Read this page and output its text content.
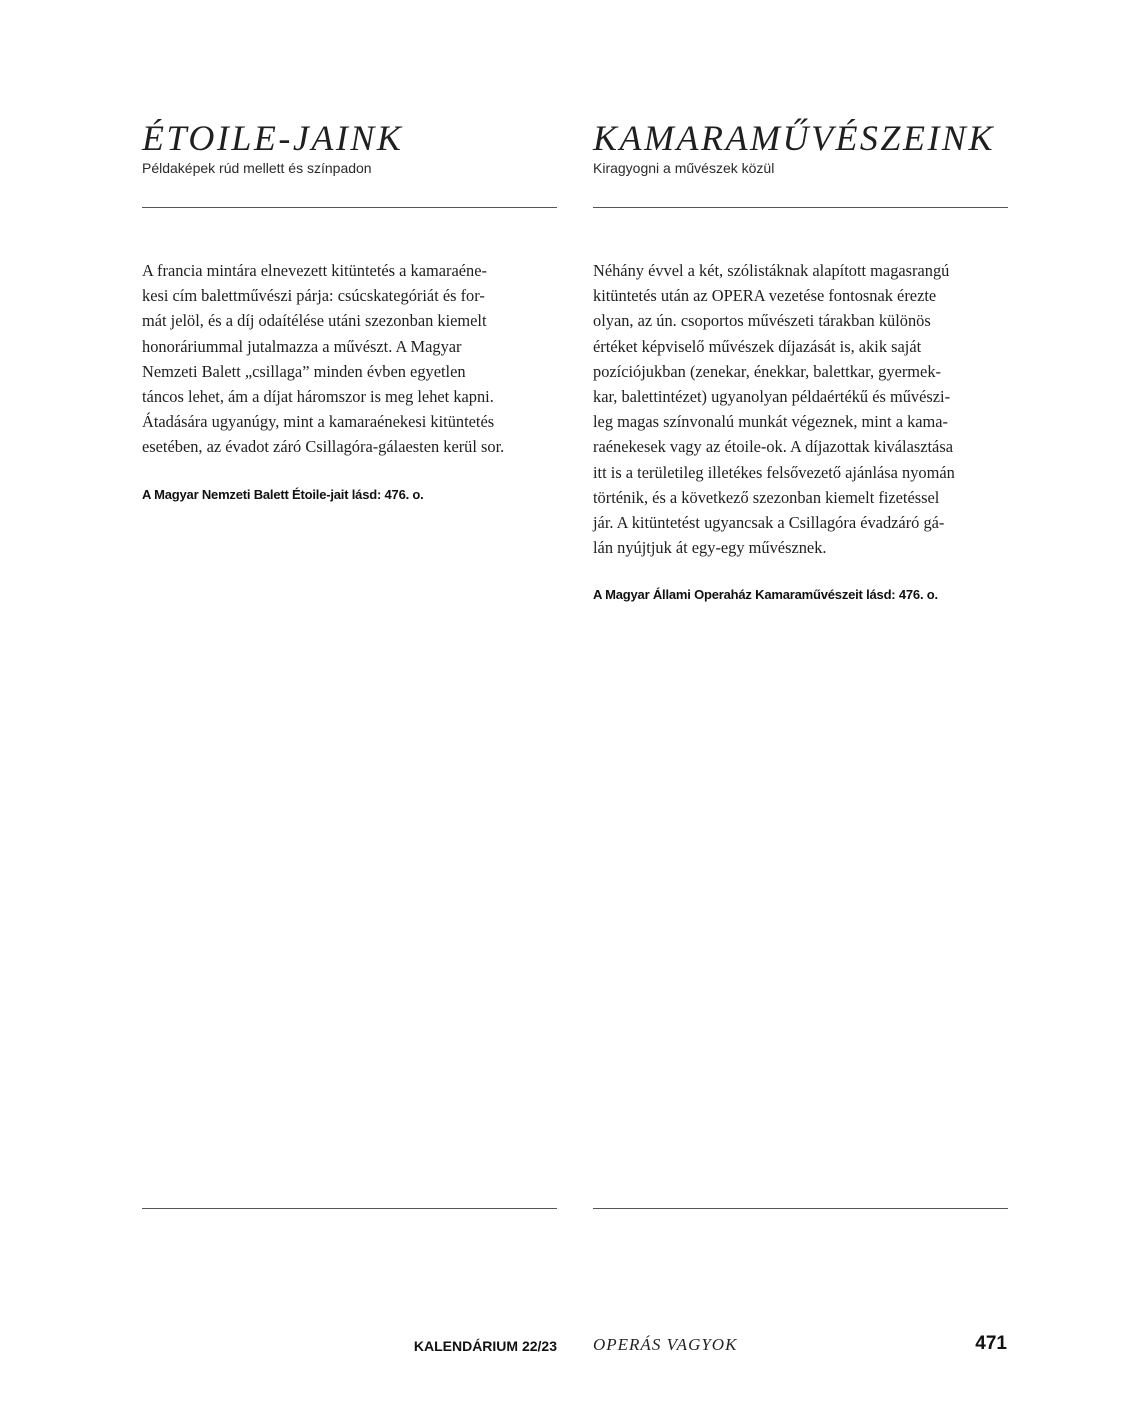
ÉTOILE-JAINK

Példaképek rúd mellett és színpadon

A francia mintára elnevezett kitüntetés a kamaraéne-
kesi cím balettművészi párja: csúcskategóriát és for-
mát jelöl, és a díj odaítélése utáni szezonban kiemelt
honoráriummal jutalmazza a művészt. A Magyar
Nemzeti Balett „csillaga” minden évben egyetlen
táncos lehet, ám a díjat háromszor is meg lehet kapni.
Átadására ugyanúgy, mint a kamaraénekesi kitüntetés
esetében, az évadot záró Csillagóra-gálaesten kerül sor.

A Magyar Nemzeti Balett Étoile-jait lásd: 476. o.

KAMARAMŰVÉSZEINK

Kiragyogni a művészek közül

Néhány évvel a két, szólistáknak alapított magasrangú
kitüntetés után az OPERA vezetése fontosnak érezte
olyan, az ún. csoportos művészeti tárakban különös
értéket képviselő művészek díjazását is, akik saját
pozíciójukban (zenekar, énekkar, balettkar, gyermek-
kar, balettintézet) ugyanolyan példaértékű és művészi-
leg magas színvonalú munkát végeznek, mint a kama-
raénekesek vagy az étoile-ok. A díjazottak kiválasztása
itt is a területileg illetékes felsővezető ajánlása nyomán
történik, és a következő szezonban kiemelt fizetéssel
jár. A kitüntetést ugyancsak a Csillagóra évadzáró gá-
lán nyújtjuk át egy-egy művésznek.

A Magyar Állami Operaház Kamaraművészeit lásd: 476. o.

KALENDÁRIUM 22/23 OPERÁS VAGYOK	471
